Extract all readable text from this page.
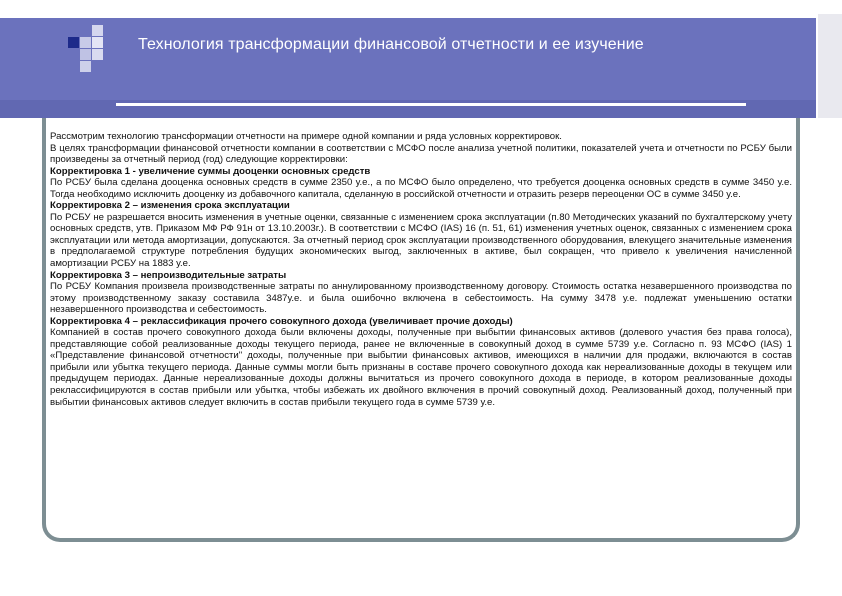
Технология трансформации финансовой отчетности и ее изучение

Рассмотрим технологию трансформации отчетности на примере одной компании и ряда условных корректировок.

В целях трансформации финансовой отчетности компании в соответствии с МСФО после анализа учетной политики, показателей учета и отчетности по РСБУ были произведены за отчетный период (год) следующие корректировки:

Корректировка 1 - увеличение суммы дооценки основных средств

По РСБУ была сделана дооценка основных средств в сумме 2350 у.е., а по МСФО было определено, что требуется дооценка основных средств в сумме 3450 у.е. Тогда необходимо исключить дооценку из добавочного капитала, сделанную в российской отчетности и отразить резерв переоценки ОС в сумме 3450 у.е.

Корректировка 2 – изменения срока эксплуатации

По РСБУ не разрешается вносить изменения в учетные оценки, связанные с изменением срока эксплуатации (п.80 Методических указаний по бухгалтерскому учету основных средств, утв. Приказом МФ РФ 91н от 13.10.2003г.). В соответствии с МСФО (IAS) 16 (п. 51, 61) изменения учетных оценок, связанных с изменением срока эксплуатации или метода амортизации, допускаются. За отчетный период срок эксплуатации производственного оборудования, влекущего значительные изменения в предполагаемой структуре потребления будущих экономических выгод, заключенных в активе, был сокращен, что привело к увеличения начисленной амортизации РСБУ на 1883 у.е.

Корректировка 3 – непроизводительные затраты

По РСБУ Компания произвела производственные затраты по аннулированному производственному договору. Стоимость остатка незавершенного производства по этому производственному заказу составила 3487у.е. и была ошибочно включена в себестоимость. На сумму 3478 у.е. подлежат уменьшению остатки незавершенного производства и себестоимость.

Корректировка 4 – реклассификация прочего совокупного дохода (увеличивает прочие доходы)

Компанией в состав прочего совокупного дохода были включены доходы, полученные при выбытии финансовых активов (долевого участия без права голоса), представляющие собой реализованные доходы текущего периода, ранее не включенные в совокупный доход в сумме 5739 у.е. Согласно п. 93 МСФО (IAS) 1 «Представление финансовой отчетности" доходы, полученные при выбытии финансовых активов, имеющихся в наличии для продажи, включаются в состав прибыли или убытка текущего периода. Данные суммы могли быть признаны в составе прочего совокупного дохода как нереализованные доходы в текущем или предыдущем периодах. Данные нереализованные доходы должны вычитаться из прочего совокупного дохода в периоде, в котором реализованные доходы реклассифицируются в состав прибыли или убытка, чтобы избежать их двойного включения в прочий совокупный доход. Реализованный доход, полученный при выбытии финансовых активов следует включить в состав прибыли текущего года в сумме 5739 у.е.
